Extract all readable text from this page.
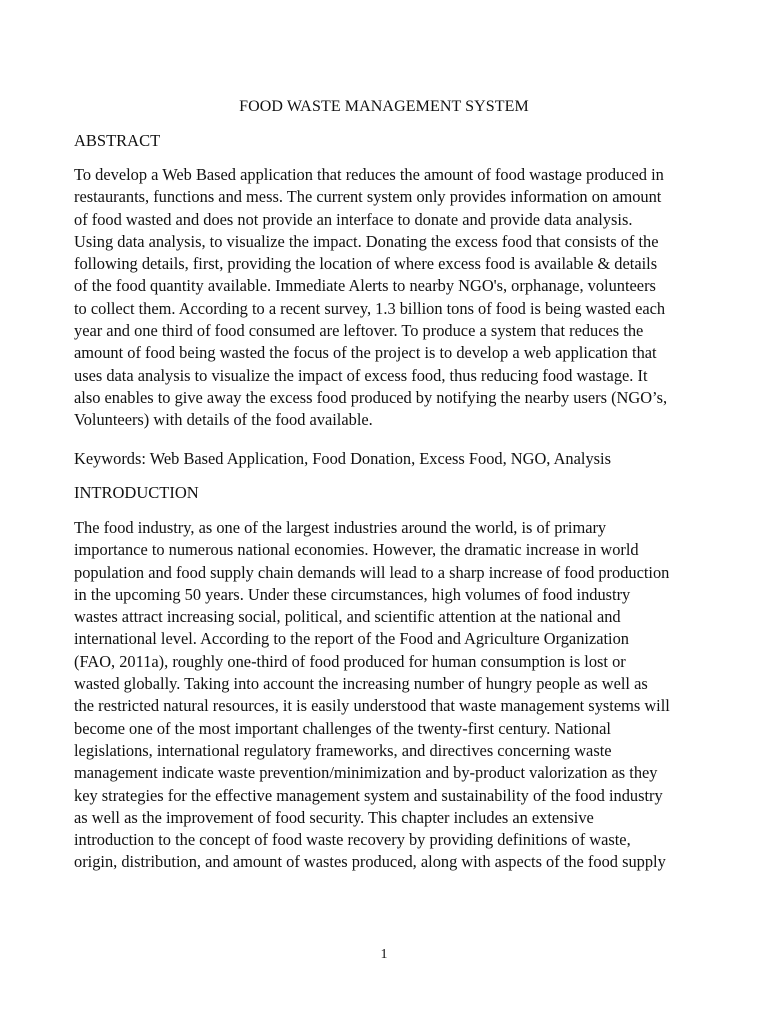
FOOD WASTE MANAGEMENT SYSTEM
ABSTRACT
To develop a Web Based application that reduces the amount of food wastage produced in
restaurants, functions and mess. The current system only provides information on amount
of food wasted and does not provide an interface to donate and provide data analysis.
Using data analysis, to visualize the impact. Donating the excess food that consists of the
following details, first, providing the location of where excess food is available & details
of the food quantity available. Immediate Alerts to nearby NGO's, orphanage, volunteers
to collect them. According to a recent survey, 1.3 billion tons of food is being wasted each
year and one third of food consumed are leftover. To produce a system that reduces the
amount of food being wasted the focus of the project is to develop a web application that
uses data analysis to visualize the impact of excess food, thus reducing food wastage. It
also enables to give away the excess food produced by notifying the nearby users (NGO’s,
Volunteers) with details of the food available.
Keywords: Web Based Application, Food Donation, Excess Food, NGO, Analysis
INTRODUCTION
The food industry, as one of the largest industries around the world, is of primary
importance to numerous national economies. However, the dramatic increase in world
population and food supply chain demands will lead to a sharp increase of food production
in the upcoming 50 years. Under these circumstances, high volumes of food industry
wastes attract increasing social, political, and scientific attention at the national and
international level. According to the report of the Food and Agriculture Organization
(FAO, 2011a), roughly one-third of food produced for human consumption is lost or
wasted globally. Taking into account the increasing number of hungry people as well as
the restricted natural resources, it is easily understood that waste management systems will
become one of the most important challenges of the twenty-first century. National
legislations, international regulatory frameworks, and directives concerning waste
management indicate waste prevention/minimization and by-product valorization as they
key strategies for the effective management system and sustainability of the food industry
as well as the improvement of food security. This chapter includes an extensive
introduction to the concept of food waste recovery by providing definitions of waste,
origin, distribution, and amount of wastes produced, along with aspects of the food supply
1
